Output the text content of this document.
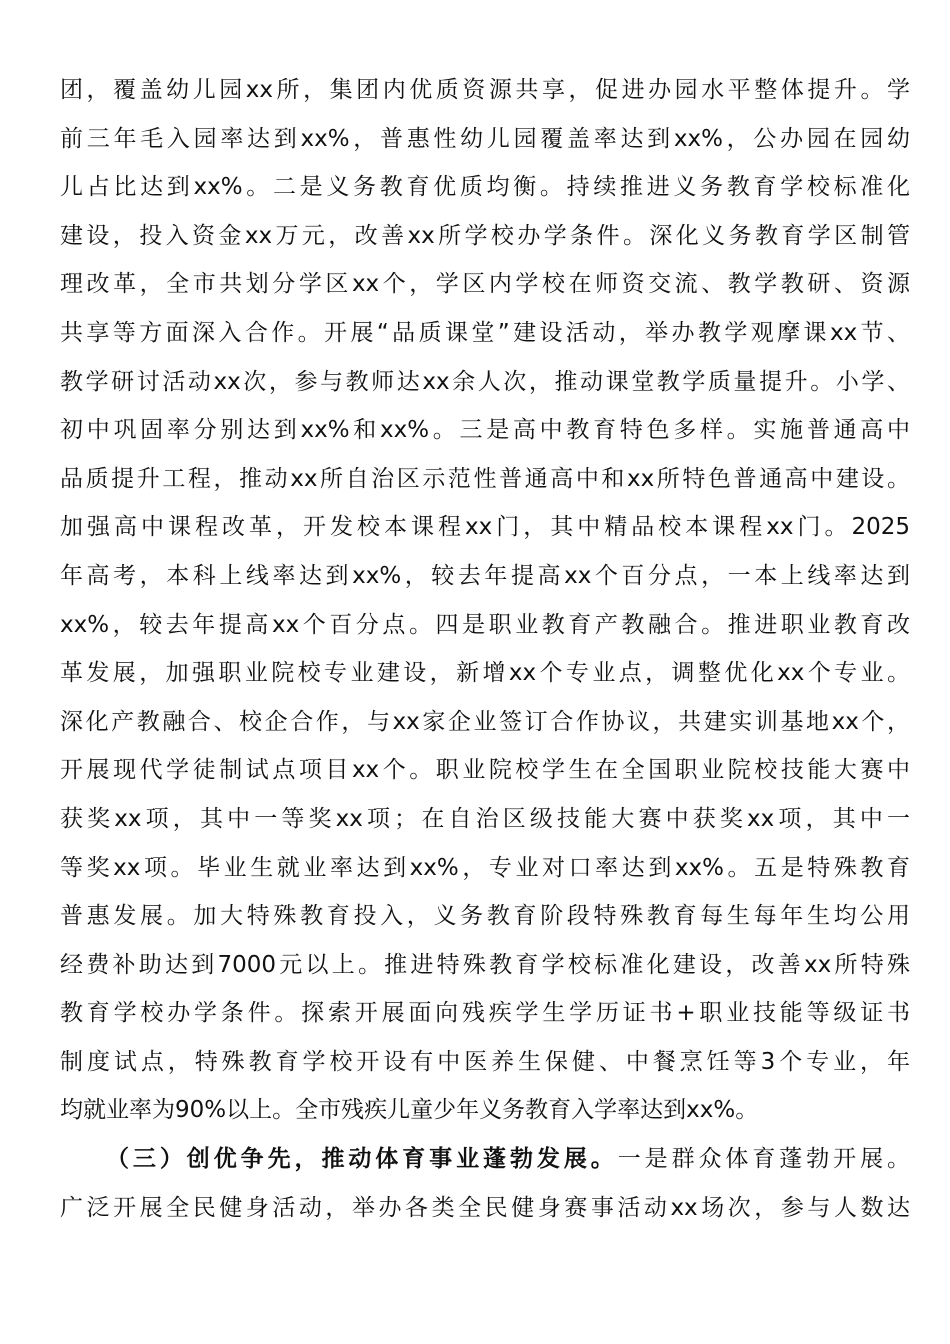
团，覆盖幼儿园xx所，集团内优质资源共享，促进办园水平整体提升。学
前三年毛入园率达到xx%，普惠性幼儿园覆盖率达到xx%，公办园在园幼
儿占比达到xx%。二是义务教育优质均衡。持续推进义务教育学校标准化
建设，投入资金xx万元，改善xx所学校办学条件。深化义务教育学区制管
理改革，全市共划分学区xx个，学区内学校在师资交流、教学教研、资源
共享等方面深入合作。开展“品质课堂”建设活动，举办教学观摩课xx节、
教学研讨活动xx次，参与教师达xx余人次，推动课堂教学质量提升。小学、
初中巩固率分别达到xx%和xx%。三是高中教育特色多样。实施普通高中
品质提升工程，推动xx所自治区示范性普通高中和xx所特色普通高中建设。
加强高中课程改革，开发校本课程xx门，其中精品校本课程xx门。2025
年高考，本科上线率达到xx%，较去年提高xx个百分点，一本上线率达到
xx%，较去年提高xx个百分点。四是职业教育产教融合。推进职业教育改
革发展，加强职业院校专业建设，新增xx个专业点，调整优化xx个专业。
深化产教融合、校企合作，与xx家企业签订合作协议，共建实训基地xx个，
开展现代学徒制试点项目xx个。职业院校学生在全国职业院校技能大赛中
获奖xx项，其中一等奖xx项；在自治区级技能大赛中获奖xx项，其中一
等奖xx项。毕业生就业率达到xx%，专业对口率达到xx%。五是特殊教育
普惠发展。加大特殊教育投入，义务教育阶段特殊教育每生每年生均公用
经费补助达到7000元以上。推进特殊教育学校标准化建设，改善xx所特殊
教育学校办学条件。探索开展面向残疾学生学历证书+职业技能等级证书
制度试点，特殊教育学校开设有中医养生保健、中餐烹饪等3个专业，年
均就业率为90%以上。全市残疾儿童少年义务教育入学率达到xx%。
（三）创优争先，推动体育事业蓬勃发展。一是群众体育蓬勃开展。
广泛开展全民健身活动，举办各类全民健身赛事活动xx场次，参与人数达
